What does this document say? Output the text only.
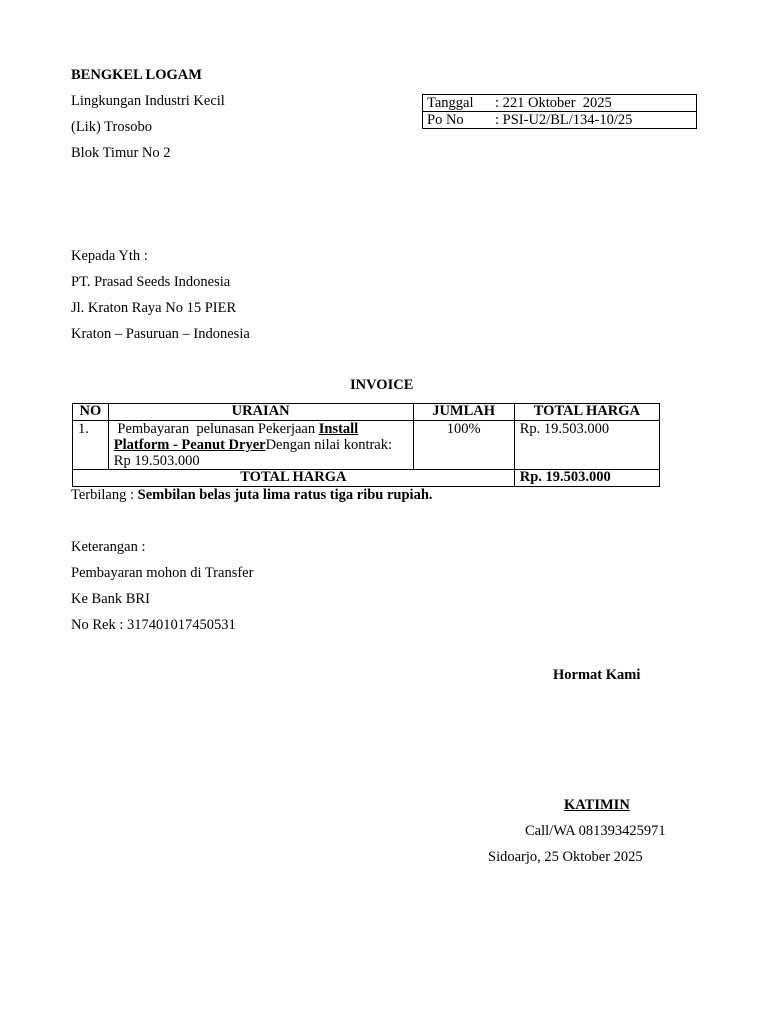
BENGKEL LOGAM
Lingkungan Industri Kecil
(Lik) Trosobo
Blok Timur No 2
Tanggal : 221 Oktober  2025
Po No : PSI-U2/BL/134-10/25
Kepada Yth :
PT. Prasad Seeds Indonesia
Jl. Kraton Raya No 15 PIER
Kraton – Pasuruan – Indonesia
INVOICE
NO	URAIAN	JUMLAH	TOTAL HARGA
1.	Pembayaran  pelunasan Pekerjaan Install Platform - Peanut DryerDengan nilai kontrak: Rp 19.503.000	100%	Rp. 19.503.000
TOTAL HARGA			Rp. 19.503.000
Terbilang : Sembilan belas juta lima ratus tiga ribu rupiah.
Keterangan :
Pembayaran mohon di Transfer
Ke Bank BRI
No Rek : 317401017450531
Hormat Kami
KATIMIN
Call/WA 081393425971
Sidoarjo, 25 Oktober 2025
